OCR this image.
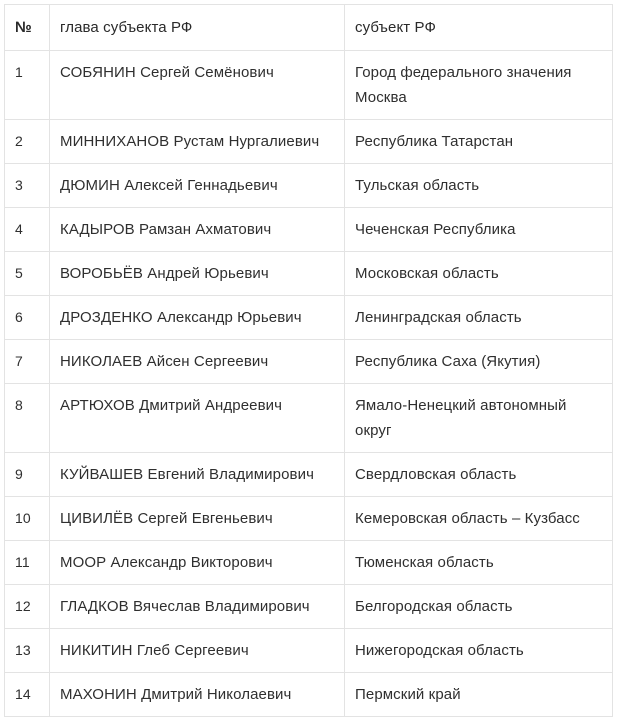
№	глава субъекта РФ	субъект РФ
1	СОБЯНИН Сергей Семёнович	Город федерального значения Москва
2	МИННИХАНОВ Рустам Нургалиевич	Республика Татарстан
3	ДЮМИН Алексей Геннадьевич	Тульская область
4	КАДЫРОВ Рамзан Ахматович	Чеченская Республика
5	ВОРОБЬЁВ Андрей Юрьевич	Московская область
6	ДРОЗДЕНКО Александр Юрьевич	Ленинградская область
7	НИКОЛАЕВ Айсен Сергеевич	Республика Саха (Якутия)
8	АРТЮХОВ Дмитрий Андреевич	Ямало-Ненецкий автономный округ
9	КУЙВАШЕВ Евгений Владимирович	Свердловская область
10	ЦИВИЛЁВ Сергей Евгеньевич	Кемеровская область – Кузбасс
11	МООР Александр Викторович	Тюменская область
12	ГЛАДКОВ Вячеслав Владимирович	Белгородская область
13	НИКИТИН Глеб Сергеевич	Нижегородская область
14	МАХОНИН Дмитрий Николаевич	Пермский край
